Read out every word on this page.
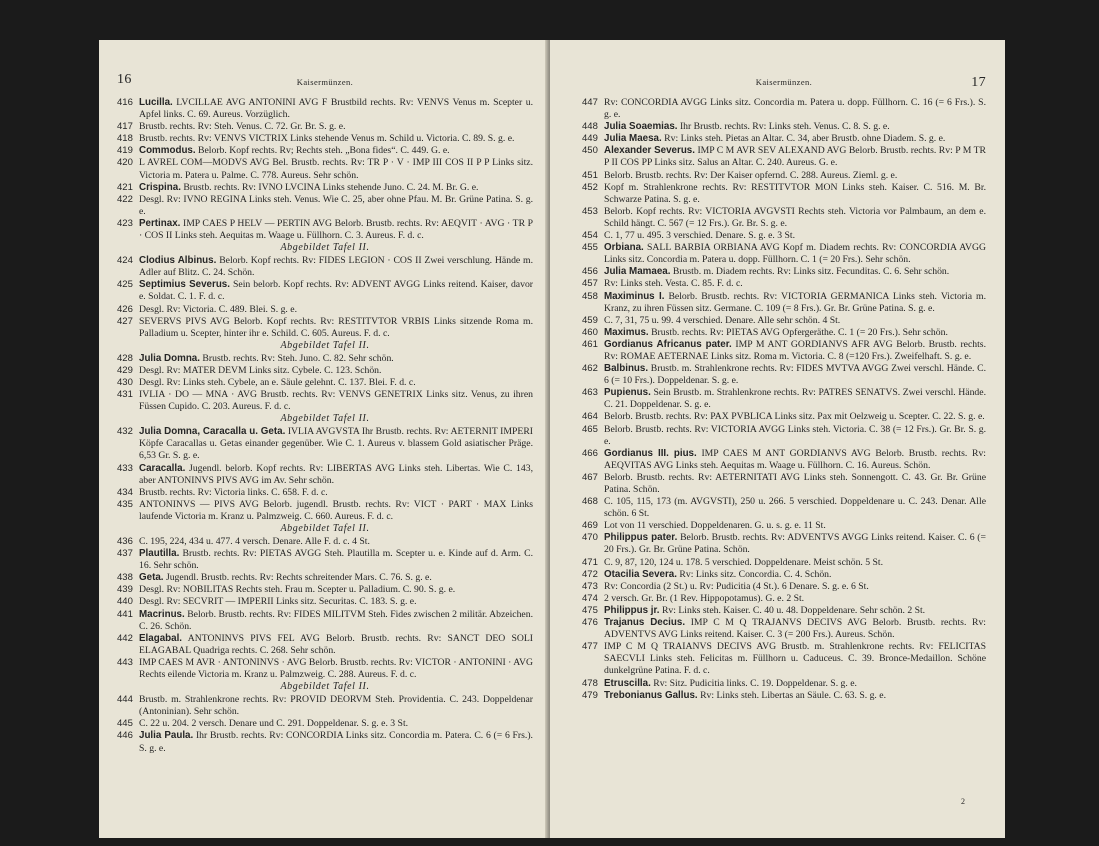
16	Kaisermünzen.
416 Lucilla. LVCILLAE AVG ANTONINI AVG F Brustbild rechts. Rv: VENVS Venus m. Scepter u. Apfel links. C. 69. Aureus. Vorzüglich.
417 Brustb. rechts. Rv: Steh. Venus. C. 72. Gr. Br. S. g. e.
418 Brustb. rechts. Rv: VENVS VICTRIX Links stehende Venus m. Schild u. Victoria. C. 89. S. g. e.
419 Commodus. Belorb. Kopf rechts. Rv; Rechts steh. „Bona fides“. C. 449. G. e.
420 L AVREL COM—MODVS AVG Bel. Brustb. rechts. Rv: TR P · V · IMP III COS II P P Links sitz. Victoria m. Patera u. Palme. C. 778. Aureus. Sehr schön.
421 Crispina. Brustb. rechts. Rv: IVNO LVCINA Links stehende Juno. C. 24. M. Br. G. e.
422 Desgl. Rv: IVNO REGINA Links steh. Venus. Wie C. 25, aber ohne Pfau. M. Br. Grüne Patina. S. g. e.
423 Pertinax. IMP CAES P HELV — PERTIN AVG Belorb. Brustb. rechts. Rv: AEQVIT · AVG · TR P · COS II Links steh. Aequitas m. Waage u. Füllhorn. C. 3. Aureus. F. d. c.
Abgebildet Tafel II.
424 Clodius Albinus. Belorb. Kopf rechts. Rv: FIDES LEGION · COS II Zwei verschlung. Hände m. Adler auf Blitz. C. 24. Schön.
425 Septimius Severus. Sein belorb. Kopf rechts. Rv: ADVENT AVGG Links reitend. Kaiser, davor e. Soldat. C. 1. F. d. c.
426 Desgl. Rv: Victoria. C. 489. Blei. S. g. e.
427 SEVERVS PIVS AVG Belorb. Kopf rechts. Rv: RESTITVTOR VRBIS Links sitzende Roma m. Palladium u. Scepter, hinter ihr e. Schild. C. 605. Aureus. F. d. c.
Abgebildet Tafel II.
428 Julia Domna. Brustb. rechts. Rv: Steh. Juno. C. 82. Sehr schön.
429 Desgl. Rv: MATER DEVM Links sitz. Cybele. C. 123. Schön.
430 Desgl. Rv: Links steh. Cybele, an e. Säule gelehnt. C. 137. Blei. F. d. c.
431 IVLIA · DO — MNA · AVG Brustb. rechts. Rv: VENVS GENETRIX Links sitz. Venus, zu ihren Füssen Cupido. C. 203. Aureus. F. d. c.
Abgebildet Tafel II.
432 Julia Domna, Caracalla u. Geta. IVLIA AVGVSTA Ihr Brustb. rechts. Rv: AETERNIT IMPERI Köpfe Caracallas u. Getas einander gegenüber. Wie C. 1. Aureus v. blassem Gold asiatischer Präge. 6,53 Gr. S. g. e.
433 Caracalla. Jugendl. belorb. Kopf rechts. Rv: LIBERTAS AVG Links steh. Libertas. Wie C. 143, aber ANTONINVS PIVS AVG im Av. Sehr schön.
434 Brustb. rechts. Rv: Victoria links. C. 658. F. d. c.
435 ANTONINVS — PIVS AVG Belorb. jugendl. Brustb. rechts. Rv: VICT · PART · MAX Links laufende Victoria m. Kranz u. Palmzweig. C. 660. Aureus. F. d. c.
Abgebildet Tafel II.
436 C. 195, 224, 434 u. 477. 4 versch. Denare. Alle F. d. c. 4 St.
437 Plautilla. Brustb. rechts. Rv: PIETAS AVGG Steh. Plautilla m. Scepter u. e. Kinde auf d. Arm. C. 16. Sehr schön.
438 Geta. Jugendl. Brustb. rechts. Rv: Rechts schreitender Mars. C. 76. S. g. e.
439 Desgl. Rv: NOBILITAS Rechts steh. Frau m. Scepter u. Palladium. C. 90. S. g. e.
440 Desgl. Rv: SECVRIT — IMPERII Links sitz. Securitas. C. 183. S. g. e.
441 Macrinus. Belorb. Brustb. rechts. Rv: FIDES MILITVM Steh. Fides zwischen 2 militär. Abzeichen. C. 26. Schön.
442 Elagabal. ANTONINVS PIVS FEL AVG Belorb. Brustb. rechts. Rv: SANCT DEO SOLI ELAGABAL Quadriga rechts. C. 268. Sehr schön.
443 IMP CAES M AVR · ANTONINVS · AVG Belorb. Brustb. rechts. Rv: VICTOR · ANTONINI · AVG Rechts eilende Victoria m. Kranz u. Palmzweig. C. 288. Aureus. F. d. c.
Abgebildet Tafel II.
444 Brustb. m. Strahlenkrone rechts. Rv: PROVID DEORVM Steh. Providentia. C. 243. Doppeldenar (Antoninian). Sehr schön.
445 C. 22 u. 204. 2 versch. Denare und C. 291. Doppeldenar. S. g. e. 3 St.
446 Julia Paula. Ihr Brustb. rechts. Rv: CONCORDIA Links sitz. Concordia m. Patera. C. 6 (= 6 Frs.). S. g. e.
Kaisermünzen.	17
447 Rv: CONCORDIA AVGG Links sitz. Concordia m. Patera u. dopp. Füllhorn. C. 16 (= 6 Frs.). S. g. e.
448 Julia Soaemias. Ihr Brustb. rechts. Rv: Links steh. Venus. C. 8. S. g. e.
449 Julia Maesa. Rv: Links steh. Pietas an Altar. C. 34, aber Brustb. ohne Diadem. S. g. e.
450 Alexander Severus. IMP C M AVR SEV ALEXAND AVG Belorb. Brustb. rechts. Rv: P M TR P II COS PP Links sitz. Salus an Altar. C. 240. Aureus. G. e.
451 Belorb. Brustb. rechts. Rv: Der Kaiser opfernd. C. 288. Aureus. Zieml. g. e.
452 Kopf m. Strahlenkrone rechts. Rv: RESTITVTOR MON Links steh. Kaiser. C. 516. M. Br. Schwarze Patina. S. g. e.
453 Belorb. Kopf rechts. Rv: VICTORIA AVGVSTI Rechts steh. Victoria vor Palmbaum, an dem e. Schild hängt. C. 567 (= 12 Frs.). Gr. Br. S. g. e.
454 C. 1, 77 u. 495. 3 verschied. Denare. S. g. e. 3 St.
455 Orbiana. SALL BARBIA ORBIANA AVG Kopf m. Diadem rechts. Rv: CONCORDIA AVGG Links sitz. Concordia m. Patera u. dopp. Füllhorn. C. 1 (= 20 Frs.). Sehr schön.
456 Julia Mamaea. Brustb. m. Diadem rechts. Rv: Links sitz. Fecunditas. C. 6. Sehr schön.
457 Rv: Links steh. Vesta. C. 85. F. d. c.
458 Maximinus I. Belorb. Brustb. rechts. Rv: VICTORIA GERMANICA Links steh. Victoria m. Kranz, zu ihren Füssen sitz. Germane. C. 109 (= 8 Frs.). Gr. Br. Grüne Patina. S. g. e.
459 C. 7, 31, 75 u. 99. 4 verschied. Denare. Alle sehr schön. 4 St.
460 Maximus. Brustb. rechts. Rv: PIETAS AVG Opfergeräthe. C. 1 (= 20 Frs.). Sehr schön.
461 Gordianus Africanus pater. IMP M ANT GORDIANVS AFR AVG Belorb. Brustb. rechts. Rv: ROMAE AETERNAE Links sitz. Roma m. Victoria. C. 8 (=120 Frs.). Zweifelhaft. S. g. e.
462 Balbinus. Brustb. m. Strahlenkrone rechts. Rv: FIDES MVTVA AVGG Zwei verschl. Hände. C. 6 (= 10 Frs.). Doppeldenar. S. g. e.
463 Pupienus. Sein Brustb. m. Strahlenkrone rechts. Rv: PATRES SENATVS. Zwei verschl. Hände. C. 21. Doppeldenar. S. g. e.
464 Belorb. Brustb. rechts. Rv: PAX PVBLICA Links sitz. Pax mit Oelzweig u. Scepter. C. 22. S. g. e.
465 Belorb. Brustb. rechts. Rv: VICTORIA AVGG Links steh. Victoria. C. 38 (= 12 Frs.). Gr. Br. S. g. e.
466 Gordianus III. pius. IMP CAES M ANT GORDIANVS AVG Belorb. Brustb. rechts. Rv: AEQVITAS AVG Links steh. Aequitas m. Waage u. Füllhorn. C. 16. Aureus. Schön.
467 Belorb. Brustb. rechts. Rv: AETERNITATI AVG Links steh. Sonnengott. C. 43. Gr. Br. Grüne Patina. Schön.
468 C. 105, 115, 173 (m. AVGVSTI), 250 u. 266. 5 verschied. Doppeldenare u. C. 243. Denar. Alle schön. 6 St.
469 Lot von 11 verschied. Doppeldenaren. G. u. s. g. e. 11 St.
470 Philippus pater. Belorb. Brustb. rechts. Rv: ADVENTVS AVGG Links reitend. Kaiser. C. 6 (= 20 Frs.). Gr. Br. Grüne Patina. Schön.
471 C. 9, 87, 120, 124 u. 178. 5 verschied. Doppeldenare. Meist schön. 5 St.
472 Otacilia Severa. Rv: Links sitz. Concordia. C. 4. Schön.
473 Rv: Concordia (2 St.) u. Rv: Pudicitia (4 St.). 6 Denare. S. g. e. 6 St.
474 2 versch. Gr. Br. (1 Rev. Hippopotamus). G. e. 2 St.
475 Philippus jr. Rv: Links steh. Kaiser. C. 40 u. 48. Doppeldenare. Sehr schön. 2 St.
476 Trajanus Decius. IMP C M Q TRAJANVS DECIVS AVG Belorb. Brustb. rechts. Rv: ADVENTVS AVG Links reitend. Kaiser. C. 3 (= 200 Frs.). Aureus. Schön.
477 IMP C M Q TRAIANVS DECIVS AVG Brustb. m. Strahlenkrone rechts. Rv: FELICITAS SAECVLI Links steh. Felicitas m. Füllhorn u. Caduceus. C. 39. Bronce-Medaillon. Schöne dunkelgrüne Patina. F. d. c.
478 Etruscilla. Rv: Sitz. Pudicitia links. C. 19. Doppeldenar. S. g. e.
479 Trebonianus Gallus. Rv: Links steh. Libertas an Säule. C. 63. S. g. e.
2
